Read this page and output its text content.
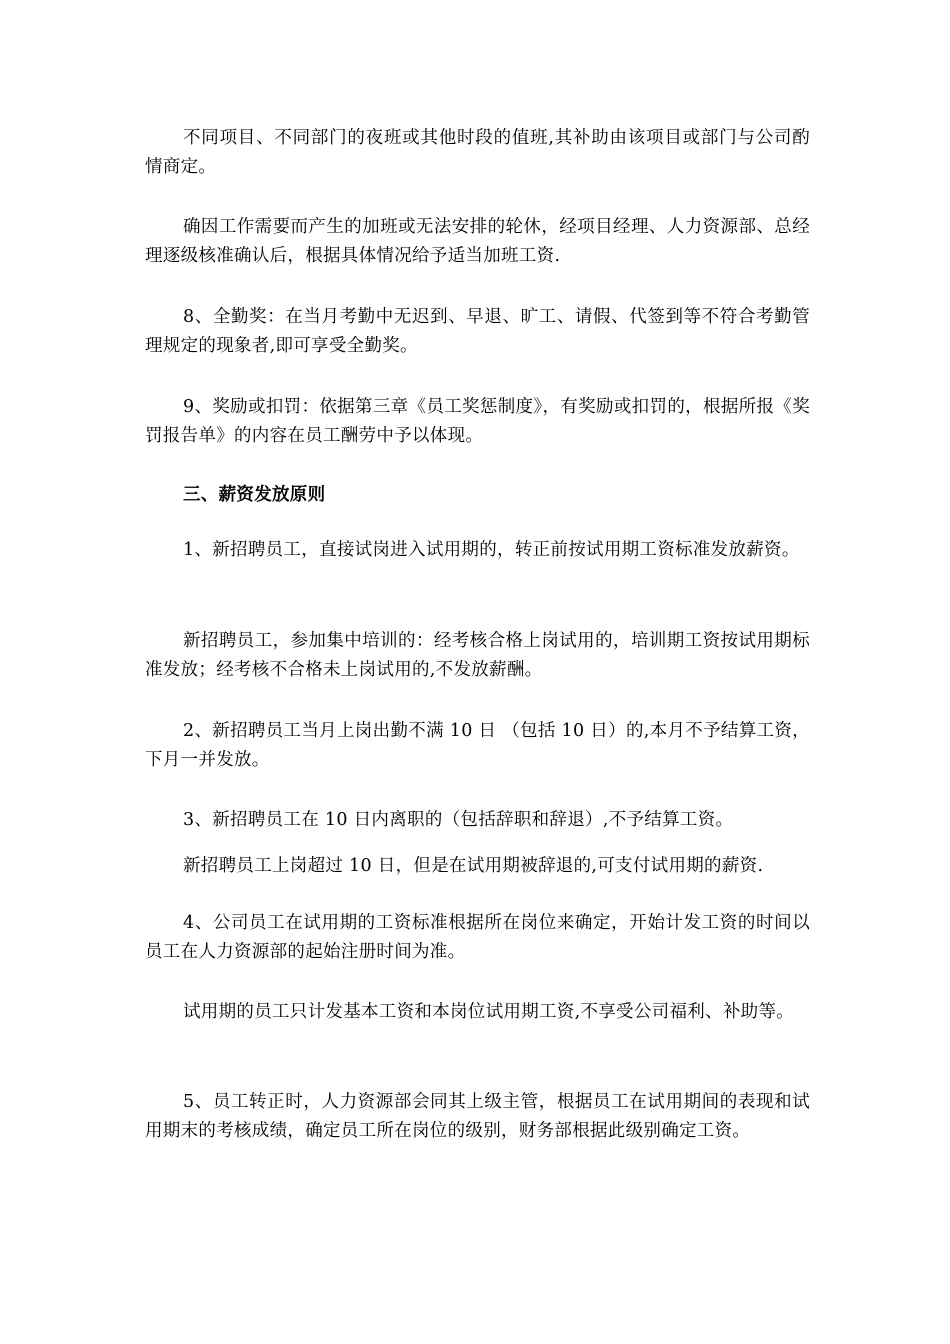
不同项目、不同部门的夜班或其他时段的值班,其补助由该项目或部门与公司酌情商定。

确因工作需要而产生的加班或无法安排的轮休，经项目经理、人力资源部、总经理逐级核准确认后，根据具体情况给予适当加班工资.

8、全勤奖：在当月考勤中无迟到、早退、旷工、请假、代签到等不符合考勤管理规定的现象者,即可享受全勤奖。

9、奖励或扣罚：依据第三章《员工奖惩制度》，有奖励或扣罚的，根据所报《奖罚报告单》的内容在员工酬劳中予以体现。

三、薪资发放原则

1、新招聘员工，直接试岗进入试用期的，转正前按试用期工资标准发放薪资。

新招聘员工，参加集中培训的：经考核合格上岗试用的，培训期工资按试用期标准发放；经考核不合格未上岗试用的,不发放薪酬。

2、新招聘员工当月上岗出勤不满 10 日 （包括 10 日）的,本月不予结算工资，下月一并发放。

3、新招聘员工在 10 日内离职的（包括辞职和辞退）,不予结算工资。

新招聘员工上岗超过 10 日，但是在试用期被辞退的,可支付试用期的薪资.

4、公司员工在试用期的工资标准根据所在岗位来确定，开始计发工资的时间以员工在人力资源部的起始注册时间为准。

试用期的员工只计发基本工资和本岗位试用期工资,不享受公司福利、补助等。

5、员工转正时，人力资源部会同其上级主管，根据员工在试用期间的表现和试用期末的考核成绩，确定员工所在岗位的级别，财务部根据此级别确定工资。
